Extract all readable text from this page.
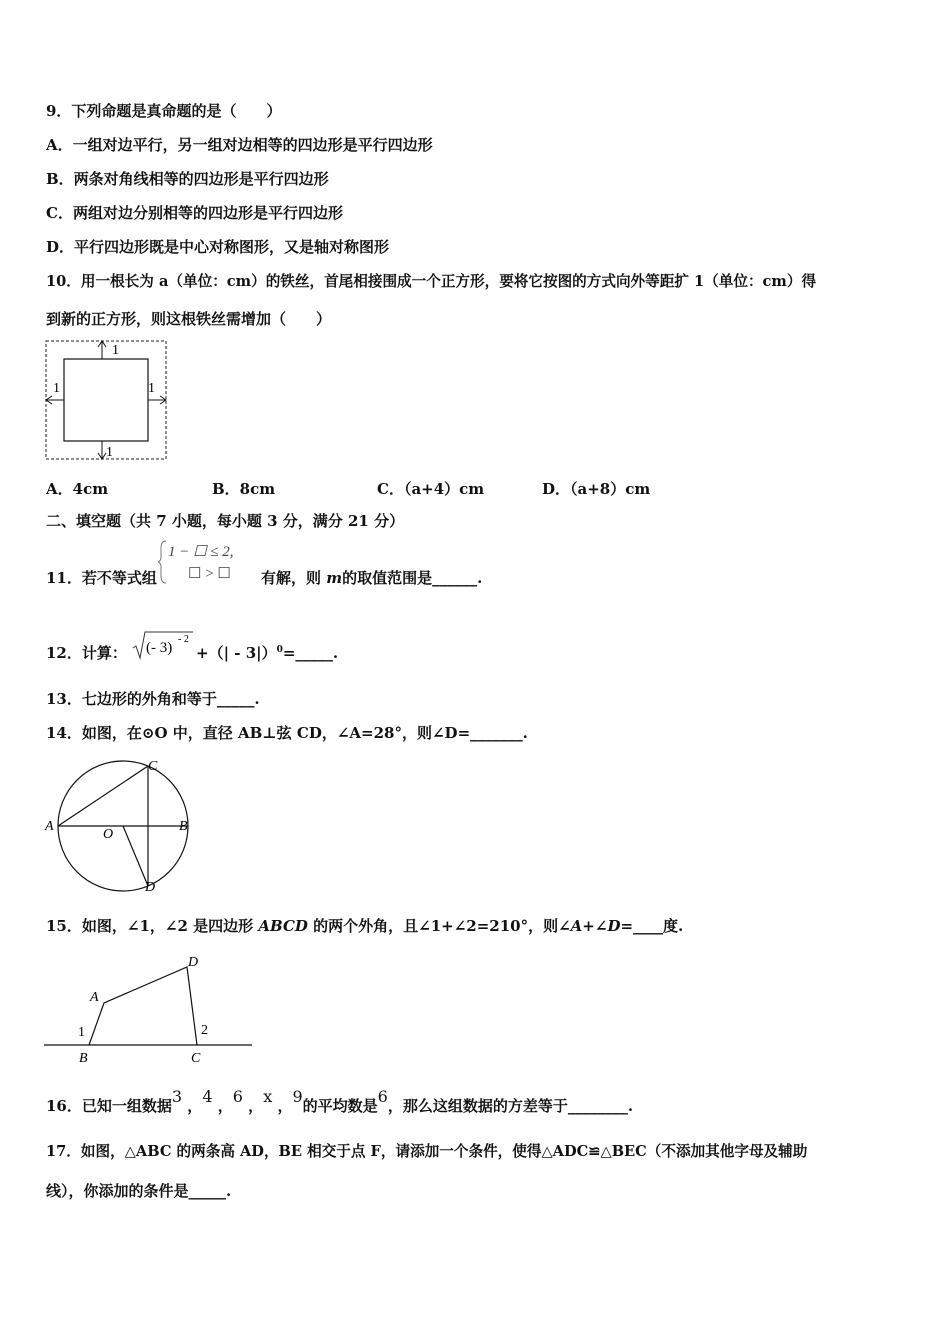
9．下列命题是真命题的是（　　）
A．一组对边平行，另一组对边相等的四边形是平行四边形
B．两条对角线相等的四边形是平行四边形
C．两组对边分别相等的四边形是平行四边形
D．平行四边形既是中心对称图形，又是轴对称图形
10．用一根长为 a（单位：cm）的铁丝，首尾相接围成一个正方形，要将它按图的方式向外等距扩 1（单位：cm）得
到新的正方形，则这根铁丝需增加（　　）
1
1	1
1
A．4cm	B．8cm	C．（a+4）cm	D．（a+8）cm
二、填空题（共 7 小题，每小题 3 分，满分 21 分）
11．若不等式组
1 − ☐ ≤ 2,
☐ > ☐ 有解，则 m的取值范围是______.
12．计算： (- 3)
- 2
+（| - 3|）0=_____.
13．七边形的外角和等于_____.
14．如图，在⊙O 中，直径 AB⊥弦 CD，∠A=28°，则∠D=_______.
C
A
O
B
D
15．如图，∠1，∠2 是四边形 ABCD 的两个外角，且∠1+∠2=210°，则∠A+∠D=____度.
D
A
1	2
B	C
16．已知一组数据3 ，4 ，6 ，x ，9的平均数是6，那么这组数据的方差等于________.
17．如图，△ABC 的两条高 AD，BE 相交于点 F，请添加一个条件，使得△ADC≌△BEC（不添加其他字母及辅助
线），你添加的条件是_____.
